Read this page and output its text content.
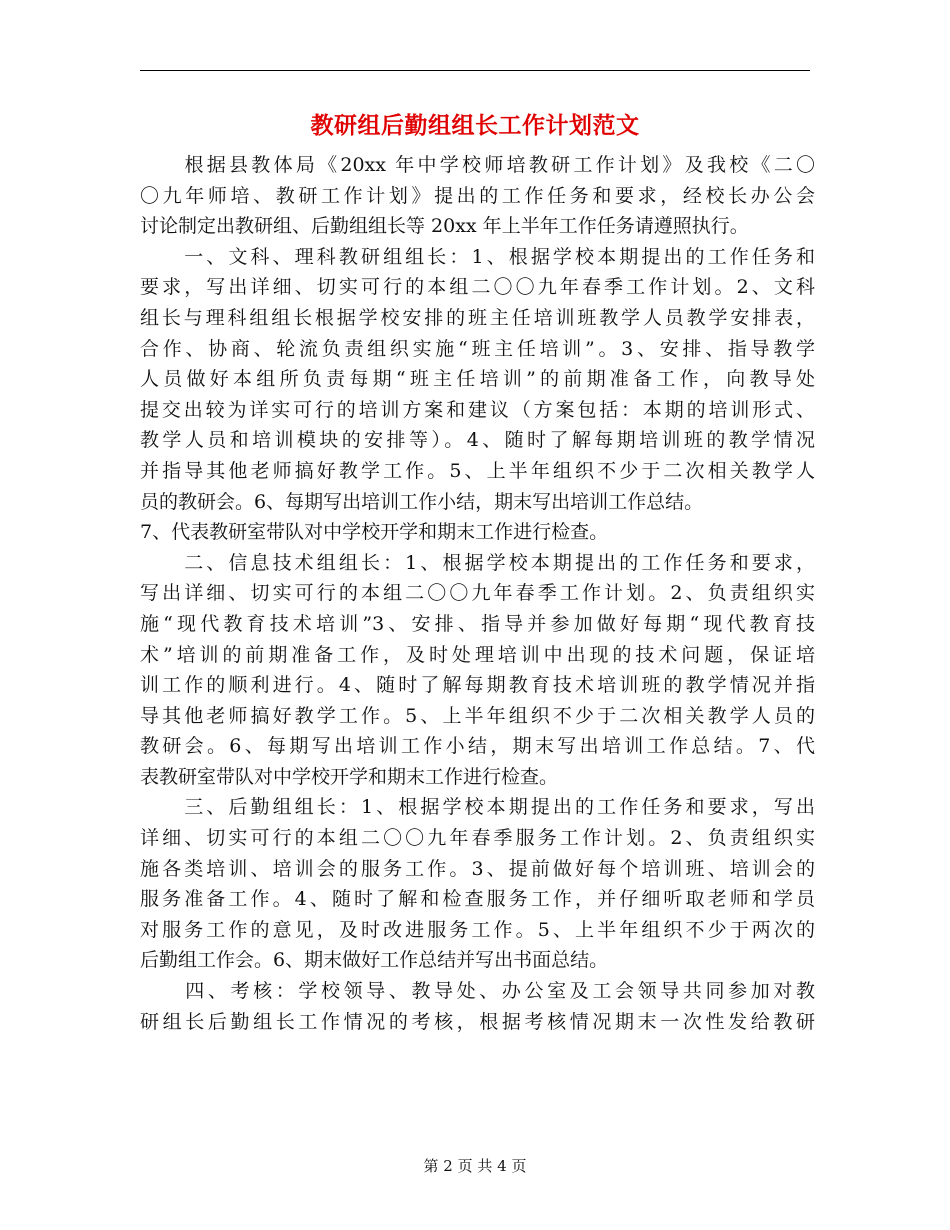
教研组后勤组组长工作计划范文
　　根据县教体局《20xx 年中学校师培教研工作计划》及我校《二〇
〇九年师培、教研工作计划》提出的工作任务和要求，经校长办公会
讨论制定出教研组、后勤组组长等 20xx 年上半年工作任务请遵照执行。
　　一、文科、理科教研组组长：1、根据学校本期提出的工作任务和
要求，写出详细、切实可行的本组二〇〇九年春季工作计划。2、文科
组长与理科组组长根据学校安排的班主任培训班教学人员教学安排表，
合作、协商、轮流负责组织实施“班主任培训”。3、安排、指导教学
人员做好本组所负责每期“班主任培训”的前期准备工作，向教导处
提交出较为详实可行的培训方案和建议（方案包括：本期的培训形式、
教学人员和培训模块的安排等）。4、随时了解每期培训班的教学情况
并指导其他老师搞好教学工作。5、上半年组织不少于二次相关教学人
员的教研会。6、每期写出培训工作小结，期末写出培训工作总结。
7、代表教研室带队对中学校开学和期末工作进行检查。
　　二、信息技术组组长：1、根据学校本期提出的工作任务和要求，
写出详细、切实可行的本组二〇〇九年春季工作计划。2、负责组织实
施“现代教育技术培训”3、安排、指导并参加做好每期“现代教育技
术”培训的前期准备工作，及时处理培训中出现的技术问题，保证培
训工作的顺利进行。4、随时了解每期教育技术培训班的教学情况并指
导其他老师搞好教学工作。5、上半年组织不少于二次相关教学人员的
教研会。6、每期写出培训工作小结，期末写出培训工作总结。7、代
表教研室带队对中学校开学和期末工作进行检查。
　　三、后勤组组长：1、根据学校本期提出的工作任务和要求，写出
详细、切实可行的本组二〇〇九年春季服务工作计划。2、负责组织实
施各类培训、培训会的服务工作。3、提前做好每个培训班、培训会的
服务准备工作。4、随时了解和检查服务工作，并仔细听取老师和学员
对服务工作的意见，及时改进服务工作。5、上半年组织不少于两次的
后勤组工作会。6、期末做好工作总结并写出书面总结。
　　四、考核：学校领导、教导处、办公室及工会领导共同参加对教
研组长后勤组长工作情况的考核，根据考核情况期末一次性发给教研
第 2 页 共 4 页
